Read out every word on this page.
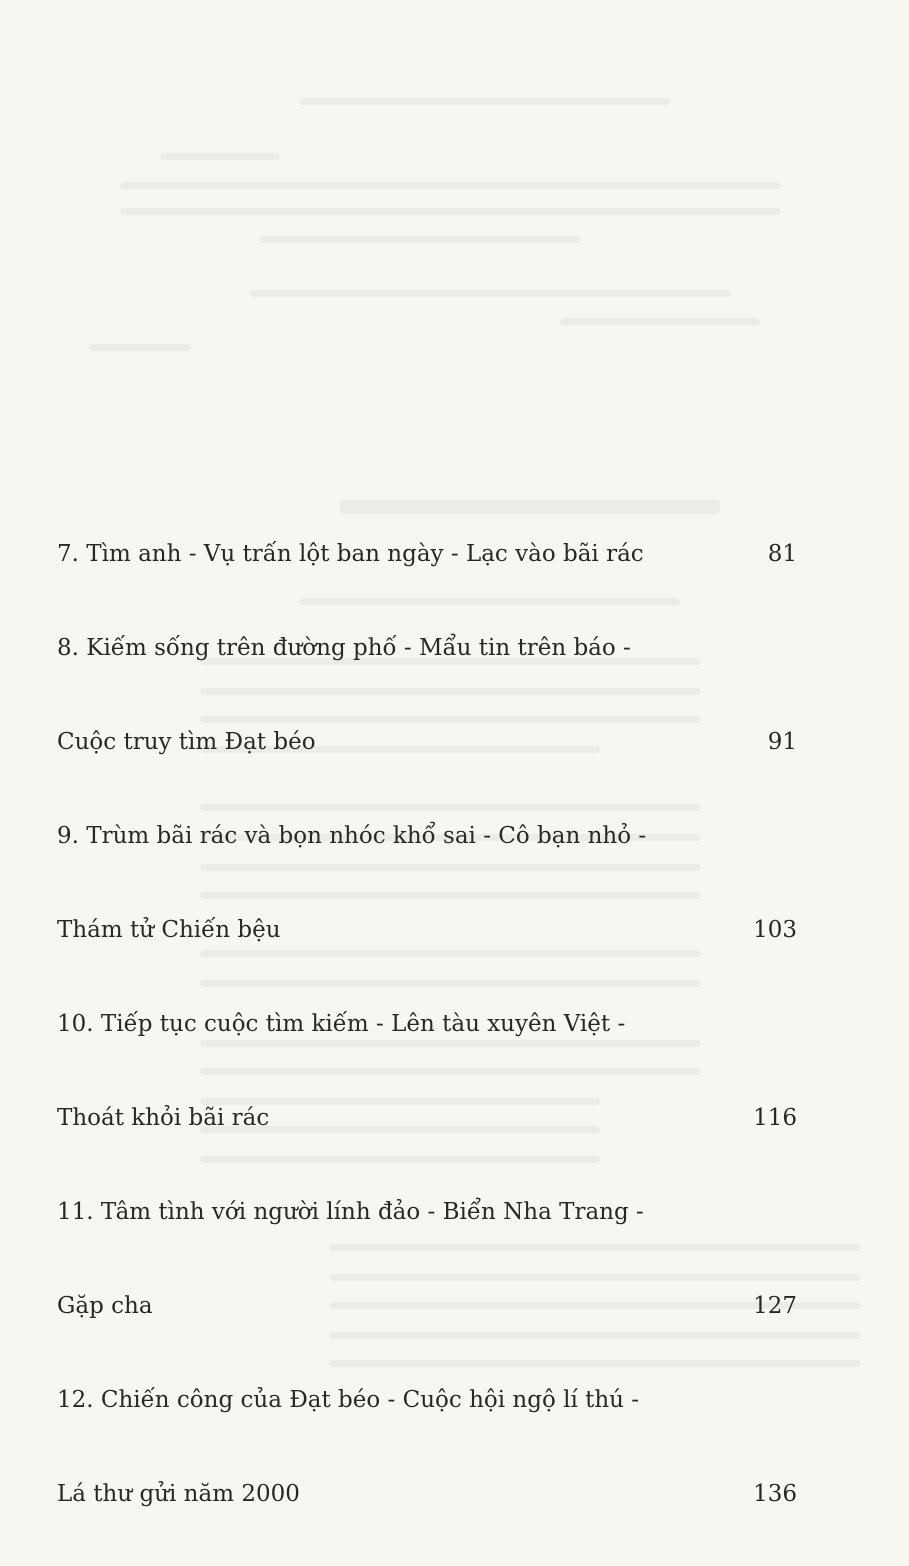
7. Tìm anh - Vụ trấn lột ban ngày - Lạc vào bãi rác	81
8. Kiếm sống trên đường phố - Mẩu tin trên báo -
Cuộc truy tìm Đạt béo	91
9. Trùm bãi rác và bọn nhóc khổ sai - Cô bạn nhỏ -
Thám tử Chiến bệu	103
10. Tiếp tục cuộc tìm kiếm - Lên tàu xuyên Việt -
Thoát khỏi bãi rác	116
11. Tâm tình với người lính đảo - Biển Nha Trang -
Gặp cha	127
12. Chiến công của Đạt béo - Cuộc hội ngộ lí thú -
Lá thư gửi năm 2000	136
